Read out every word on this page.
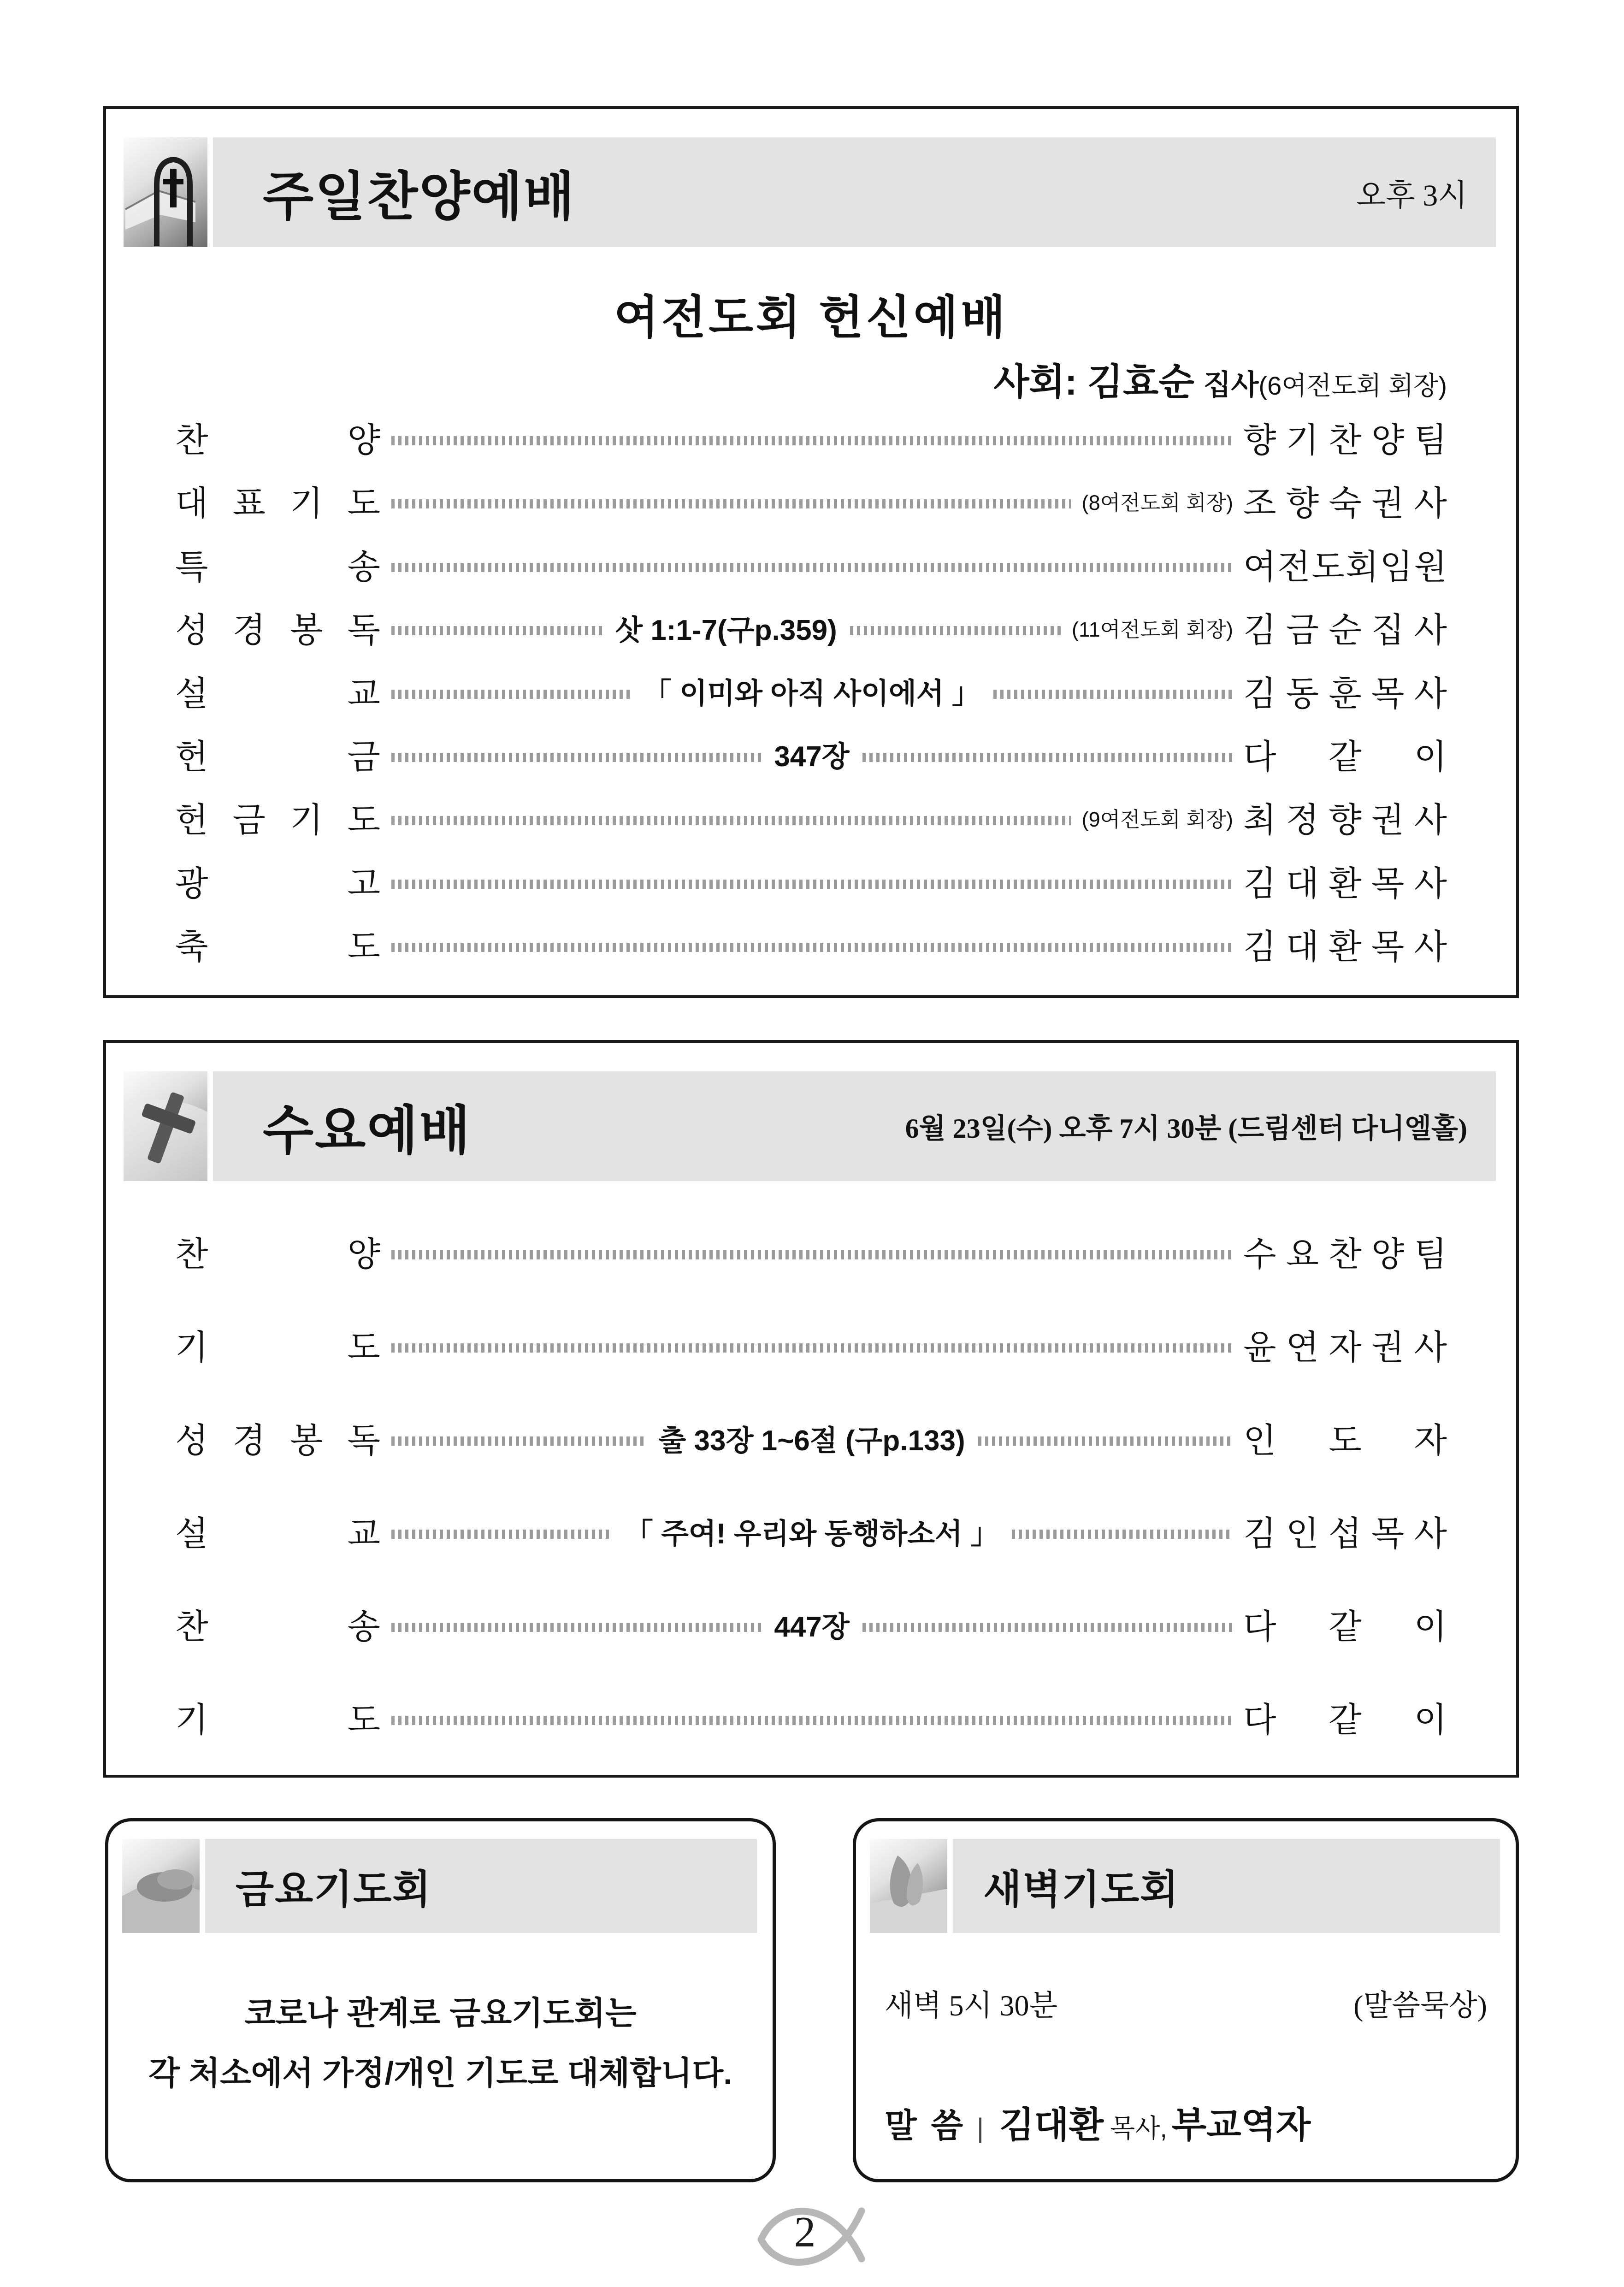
주일찬양예배	오후 3시
여전도회 헌신예배
사회: 김효순 집사 (6여전도회 회장)
찬	양	향 기 찬 양 팀
대 표 기 도	(8여전도회 회장) 조 향 숙 권 사
특	송	여 전 도 회 임 원
성 경 봉 독	삿 1:1-7(구p.359)	(11여전도회 회장) 김 금 순 집 사
설	교	「 이미와 아직 사이에서 」	김 동 훈 목 사
헌	금	347장	다 같 이
헌 금 기 도	(9여전도회 회장) 최 정 향 권 사
광	고	김 대 환 목 사
축	도	김 대 환 목 사
수요예배	6월 23일(수) 오후 7시 30분 (드림센터 다니엘홀)
찬	양	수 요 찬 양 팀
기	도	윤 연 자 권 사
성 경 봉 독	출 33장 1~6절 (구p.133)	인 도 자
설	교	「 주여! 우리와 동행하소서 」	김 인 섭 목 사
찬	송	447장	다 같 이
기	도	다 같 이
금요기도회
코로나 관계로 금요기도회는
각 처소에서 가정/개인 기도로 대체합니다.
새벽기도회
새벽 5시 30분	(말씀묵상)
말 씀 | 김대환 목사, 부교역자
2
